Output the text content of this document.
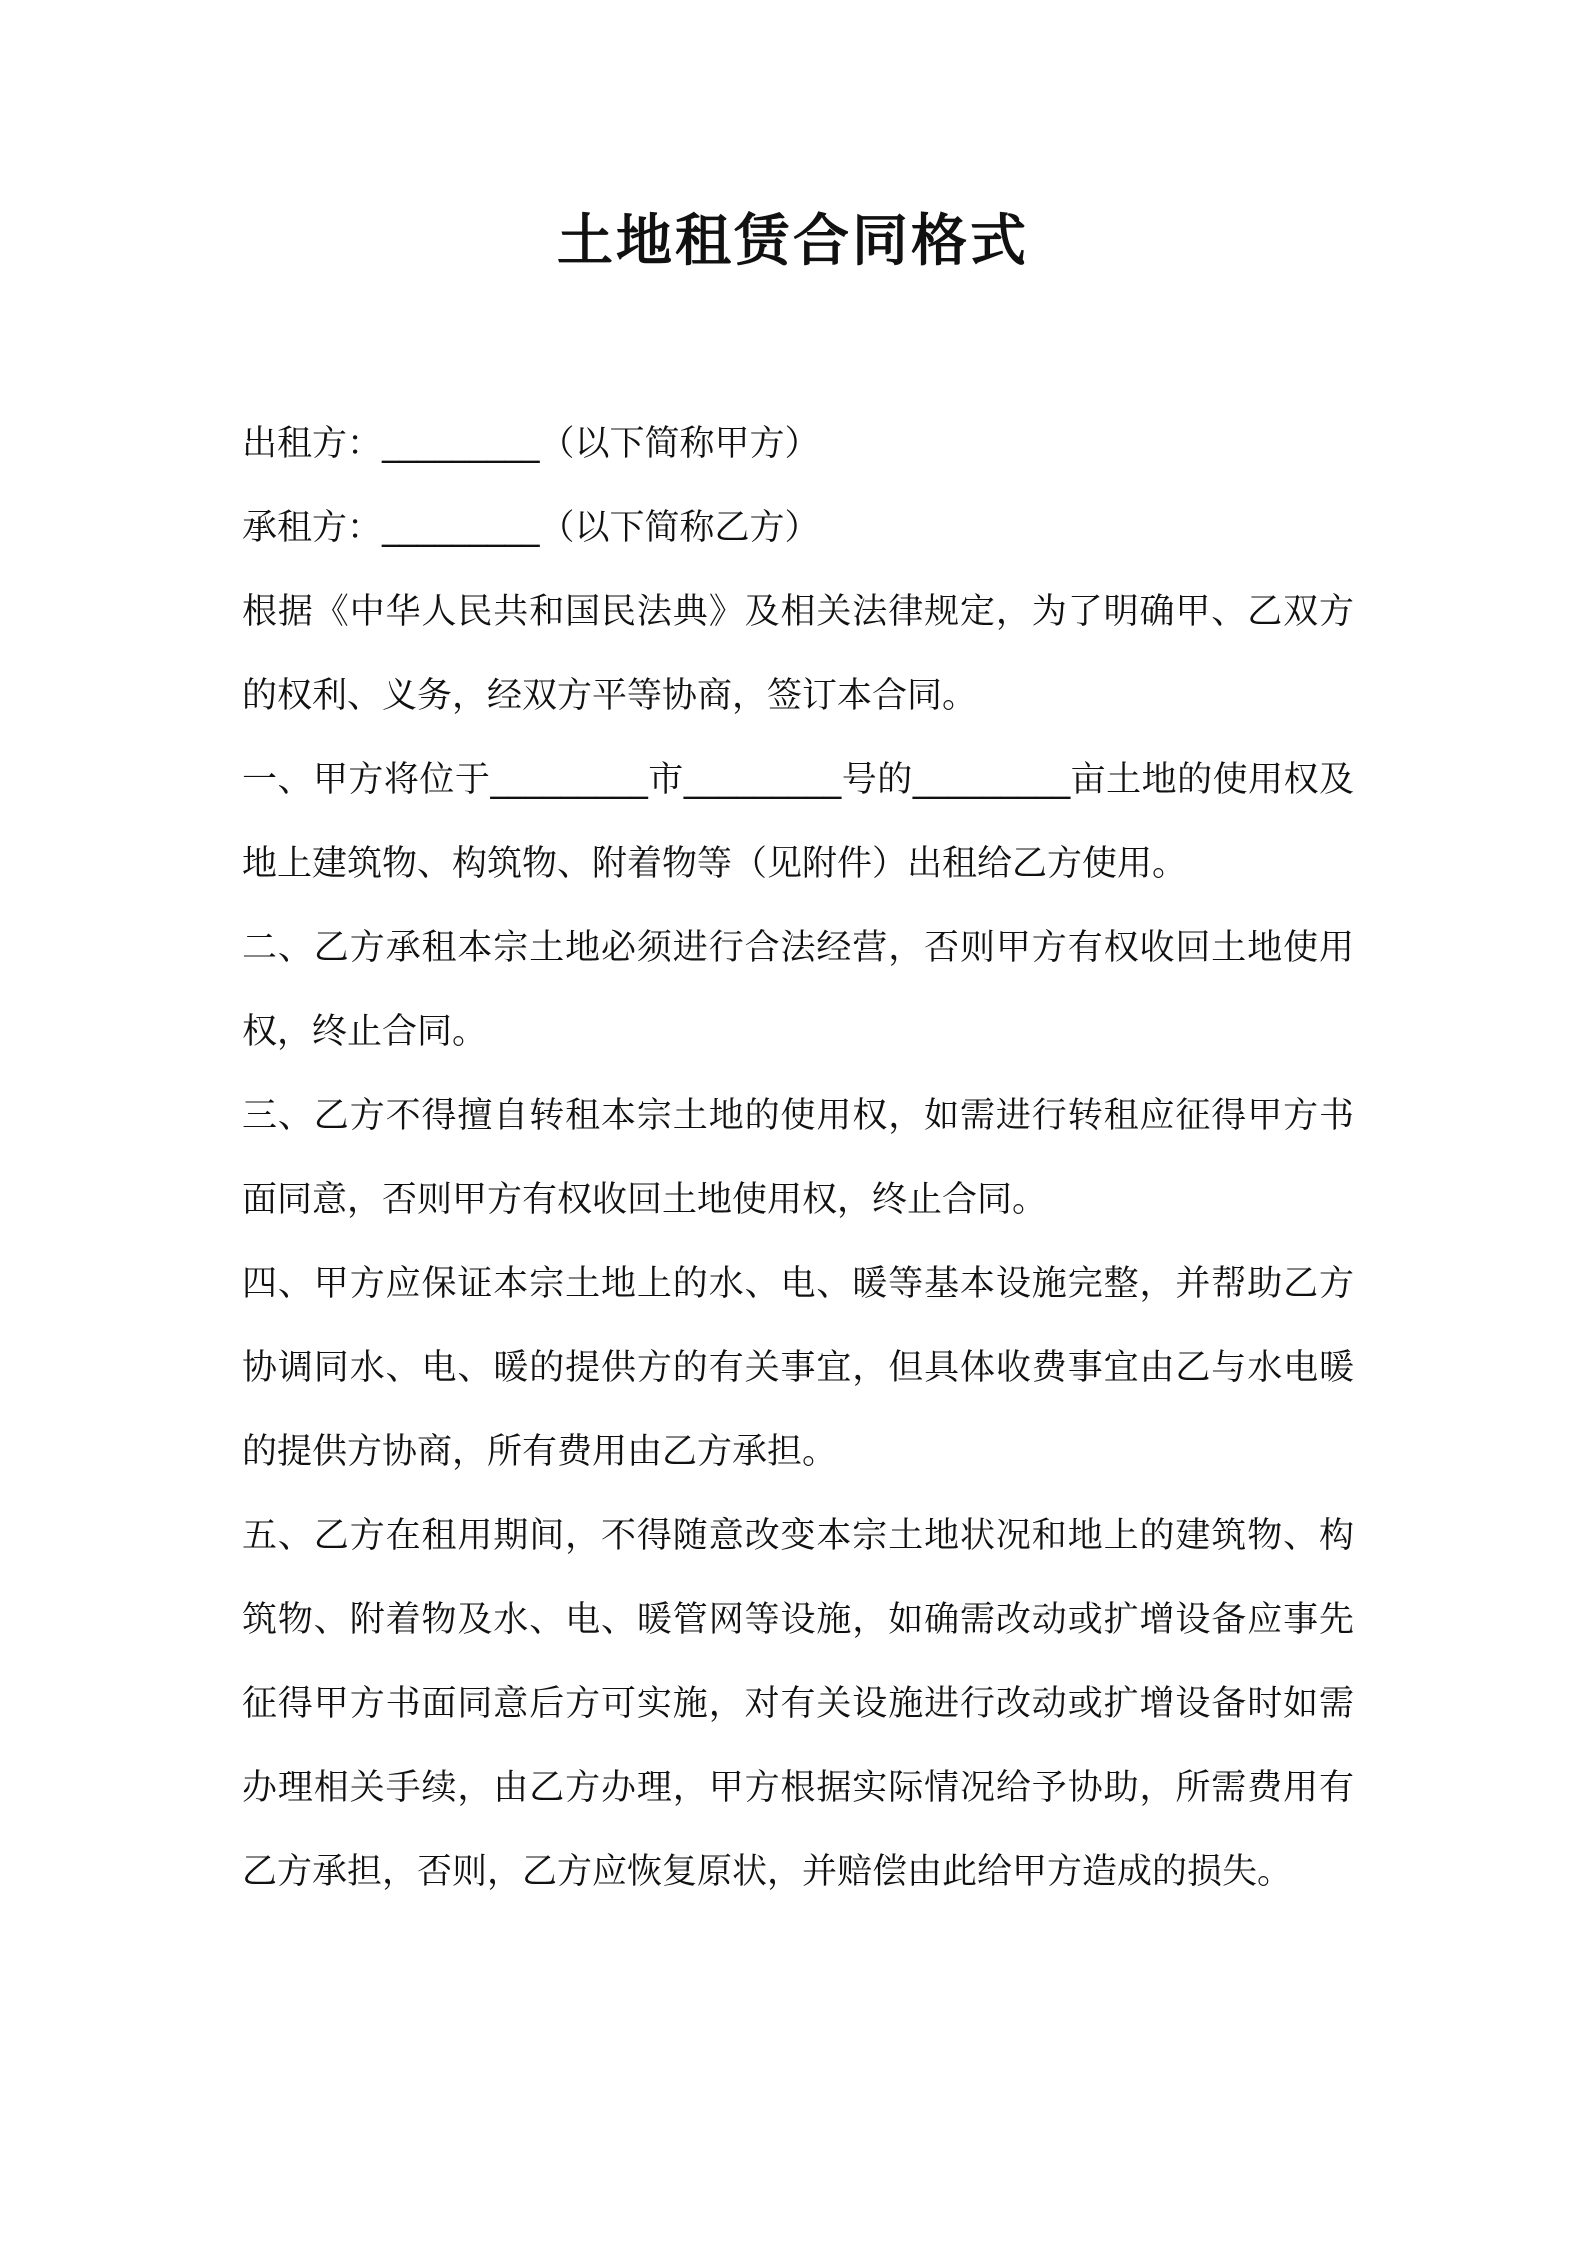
土地租赁合同格式

出租方：_________（以下简称甲方）

承租方：_________（以下简称乙方）

根据《中华人民共和国民法典》及相关法律规定，为了明确甲、乙双方的权利、义务，经双方平等协商，签订本合同。

一、甲方将位于_________市_________号的_________亩土地的使用权及地上建筑物、构筑物、附着物等（见附件）出租给乙方使用。

二、乙方承租本宗土地必须进行合法经营，否则甲方有权收回土地使用权，终止合同。

三、乙方不得擅自转租本宗土地的使用权，如需进行转租应征得甲方书面同意，否则甲方有权收回土地使用权，终止合同。

四、甲方应保证本宗土地上的水、电、暖等基本设施完整，并帮助乙方协调同水、电、暖的提供方的有关事宜，但具体收费事宜由乙与水电暖的提供方协商，所有费用由乙方承担。

五、乙方在租用期间，不得随意改变本宗土地状况和地上的建筑物、构筑物、附着物及水、电、暖管网等设施，如确需改动或扩增设备应事先征得甲方书面同意后方可实施，对有关设施进行改动或扩增设备时如需办理相关手续，由乙方办理，甲方根据实际情况给予协助，所需费用有乙方承担，否则，乙方应恢复原状，并赔偿由此给甲方造成的损失。
